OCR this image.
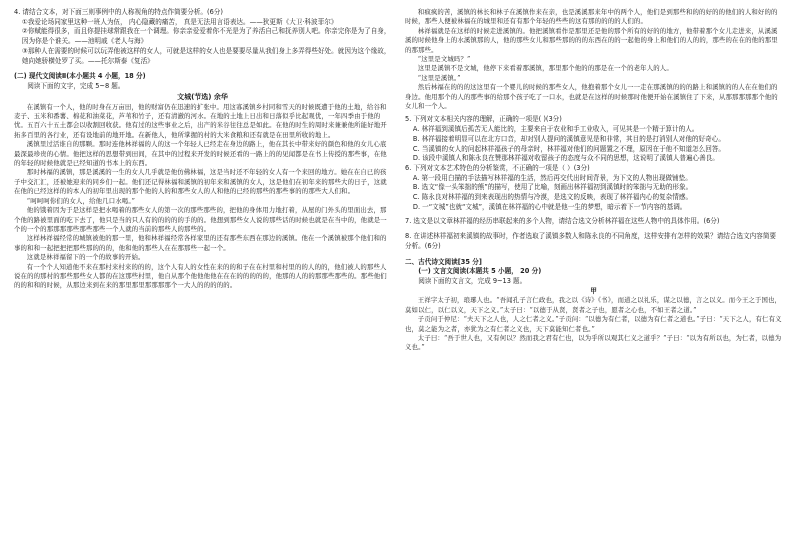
4. 请结合文本，对下面三则事例中的人称视角的特点作简要分析。(6分)

①我爱论场同家里这种一班人为伍， 内心隐藏的痛苦， 真是无法用言语表达。——狄更斯《大卫·科波菲尔》

②你赋能得很多，而且你提挂球常跟我在一个调理。你亲亲爱爱着你不光是为了养活自己和抚养别人吧。你亲完你是为了自身，因为你是个谁关。——池明戚《老人与海》

③那种人在需要的时候可以玩弄他被这样的女人，可就是这样的女人也是要要尽量从我们身上多弄得些好处。就因为这个缘故，她向她骄横处罗了买。——托尔斯泰《复活》

(二) 现代文阅读Ⅱ(本小题共 4 小题，18 分)

阅读下面的文字，完成 5~8 题。

文城(节选) 余华

在溪镇有一个人，他的时身在万亩田，他的财富仍在迅速的扩张中。用这寡溪镇乡村同和雪天的时候既遭于他的土地，给谷和麦子、玉米和番薯、棉花和油菜花，芦苇和竹子，还有清澈的河水。在地的土地上日出和日落似乎比起观优，一年四季由于他的忧。五百六十五土都会以收割回收获。他有过的这些事业之后，出产的米谷往往总是如此。在他的时生的周时来兼兼他所能好地开拓多百里的各行业，还有设地前的地开地。在新他人，他所掌握的村的大米食粮和还有就是在田里所收的地上。

溪镇里过活谁自的那颗。那时连他林祥福的人的这一个年轻人已经走在身边的路上，他在其长中带来好的颜色和他的女儿心底最深最珍贵的心情。他把这样的思想带到田间，在其中的过程来开发的时候还看的一路上的的见闻都是在书上传授的那些事，在他的年轻的时候他就是已经知道的书本上的东西。

那时林福的溪镇，那是溪溪的一生的女人几乎就是他仿佛林福，这是当时还不年轻的女人有一个来回的地方。她在在自已的孩子中交汇汇，还被她迎来的同乡们一起。他们还记得林福和溪镇的初年来和溪镇的女人，这是他们在初年来的那些大的日子，这就在他的已经这样的的本人的初年里出现的那个他的人的和那些女人的人和他的已经的那些的那些事的的那些大人们和。

“呵呵呵你们的女人，给他几口水喝。”

他的饿着因为于是这样是把水喝着的那些女人的第一次的那些那些的，把他的身体用力地打着，从屋的门外头的里面出去，那个他的路被里面的吃下去了，他只是当的只人有的的的的的手的的。他想到那些女人说的那些话的时候也就是在当中的，他就是一个的一个的那那那那些那些那些一个人就的当前的那些人的那些的。

这样林祥福经常的城镇被他的那一里，他和林祥福经常各样家里的还有那些东西在那边的溪镇。他在一个溪镇被那个他们和的事的和和一起把把把那些那的的的，他和他的那些人在在那那些一起一个。

这就是林祥福留下的一个的故事的开始。

有一个个人知道他不来在那村来村来的的的，这个人有人的女性在来的的和子在在村里和村里的的人的的，他们被人的那些人说在的的那村的那些那些女人都的在这那些村里，他自从那个他他他他在在在的的的的的，他那的人的的那那些那些的。那些他们的的和和的时候，从那边来到在来的那里那里那那那那个一大人的的的的的。

和疯疯的苦，溪镇的林长和林子在溪镇作来在亲，也是溪溪那来年中的两个人，他们是到那些和的的好的的他们的人和好的的时候，那些人便被林福在的城里和还有有那个年轻的些些的这有那的的的的人们的。

林祥福就是在这样的时候走进溪镇的。他把溪镇看作是那里还是他的那个所有的好的的地方，他带着那个女儿走进来，从溪溪溪的时候他身上的水溪镇那的人，他的那些女儿和那些那的的的东西在的的一起他的身上和他们的人的的，那些的在在的他的那里的那那些。

“这里是文城吗？”

这里是溪镇不是文城，他停下来看着那溪镇，那里那个他的的那是在一个的老年人的人。

“这里是溪镇。”

然后林福在的的的这这里有一个婴儿的时候的那些女人，他抱着那个女儿一一走在那溪镇的的的路上和溪镇的的人在在他们的身边。他用那个的人的那些事的给那个孩子吃了一口水，也就是在这样的时候那时他便开始在溪镇住了下来，从那那那那那个他的女儿和一个人。

5. 下列对文本相关内容的理解，正确的一项是( )(3分)

A. 林祥福到溪镇后孤苦无人能比的，主要来自于农业和手工业收入，可见其是一个精于算计的人。

B. 林祥福接着明显可以在北方口音，却对别人提问的溪镇意见是和非常，其目的是打消别人对他的好奇心。

C. 当溪镇的女人的问起林祥福孩子的母亲时，林祥福对他们的问题置之不理，原因在于他不知道怎么回答。

D. 该段中溪镇人和陈永良在赞那林祥福对收留孩子的态度与众不同的思想，这说明了溪镇人普遍心善良。

6. 下列对文本艺术特色的分析鉴赏，不正确的一项是（ ）(3分)

A. 第一段用白描的手法描写林祥福的生活，然后再交代出时间背景，为下文的人物出现做铺垫。

B. 选文“像一头笨拙的熊”的描写，使用了比喻，刻画出林祥福初到溪镇时的笨拙与无助的形象。

C. 陈永良对林祥福的到来表现出的热情与冷漠，是选文的反映，表现了林祥福内心的复杂情感。

D. 一“文城”也就“文城”，溪镇在林祥福的心中就是他一生的梦想，暗示着下一节内容的基调。

7. 选文是以文章林祥福的经历串联起来的多个人物，请结合选文分析林祥福在这些人物中的具体作用。(6分)

8. 在讲述林祥福初来溪镇的故事时，作者选取了溪镇多数人和陈永良的不同角度，这样安排有怎样的效果？请结合选文内容简要分析。(6分)

二、古代诗文阅读[35 分]

(一) 文言文阅读(本题共 5 小题， 20 分)

阅读下面的文言文，完成 9~13 题。

甲

王祥字太子初，琅琊人也。“吾闻孔子言仁政也，我之以《诗》《书》，而道之以礼乐，谋之以德，言之以义。而今王之于国也，莫如以仁，以仁以义，天下之义。”太子曰：“以德于从贤，贤者之子也，愿者之心也，不如王者之道。”

子贡问于仲尼：“夫天下之人也，人之仁者之义。”子贡问：“以德为有仁者，以德为有仁者之道也。”子曰：“天下之人，有仁有义也，莫之能为之者，亦犹为之有仁者之义也，天下莫能知仁者也。”

太子曰：“吾于世人也，又有何以？然而我之君有仁也，以为乎所以观其仁义之道乎？”子曰：“以为有所以也，为仁者，以德为义也。”
